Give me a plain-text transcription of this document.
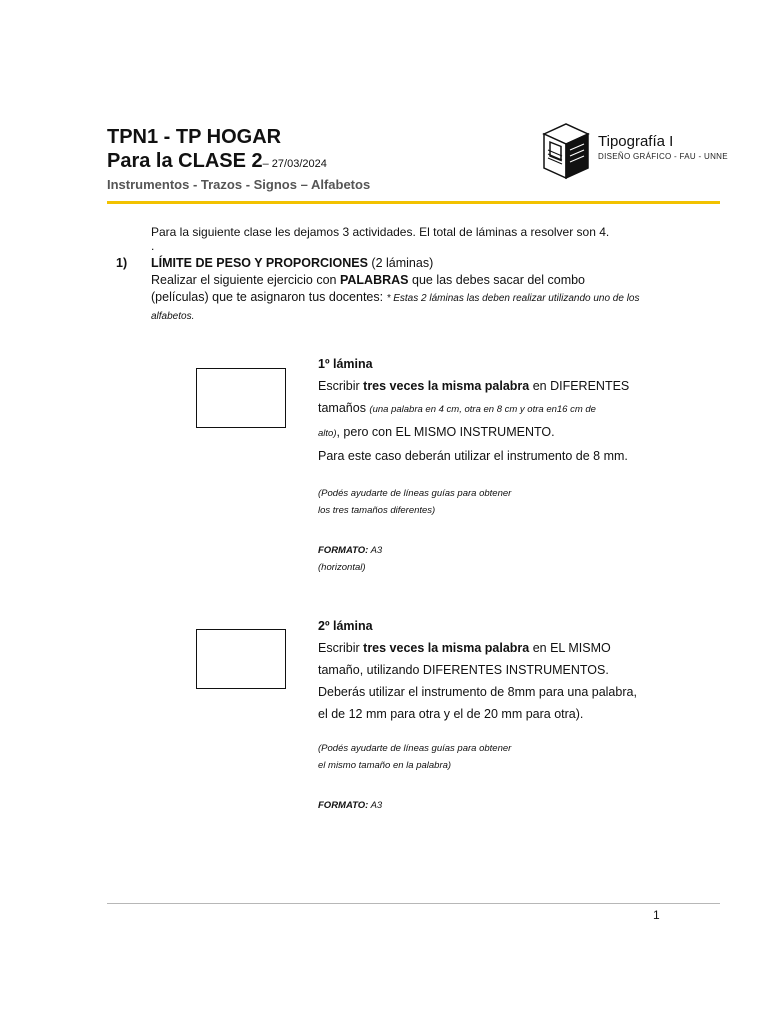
TPN1 - TP HOGAR
Para la CLASE 2– 27/03/2024
Instrumentos - Trazos - Signos – Alfabetos
Tipografía I
DISEÑO GRÁFICO - FAU - UNNE
Para la siguiente clase les dejamos 3 actividades. El total de láminas a resolver son 4.
.
1) LÍMITE DE PESO Y PROPORCIONES (2 láminas)
Realizar el siguiente ejercicio con PALABRAS que las debes sacar del combo
(películas) que te asignaron tus docentes: * Estas 2 láminas las deben realizar utilizando uno de los alfabetos.
1º lámina
Escribir tres veces la misma palabra en DIFERENTES
tamaños (una palabra en 4 cm, otra en 8 cm y otra en16 cm de
alto), pero con EL MISMO INSTRUMENTO.
Para este caso deberán utilizar el instrumento de 8 mm.
(Podés ayudarte de líneas guías para obtener
los tres tamaños diferentes)
FORMATO: A3
(horizontal)
2º lámina
Escribir tres veces la misma palabra en EL MISMO
tamaño, utilizando DIFERENTES INSTRUMENTOS.
Deberás utilizar el instrumento de 8mm para una palabra,
el de 12 mm para otra y el de 20 mm para otra).
(Podés ayudarte de líneas guías para obtener
el mismo tamaño en la palabra)
FORMATO: A3
1
